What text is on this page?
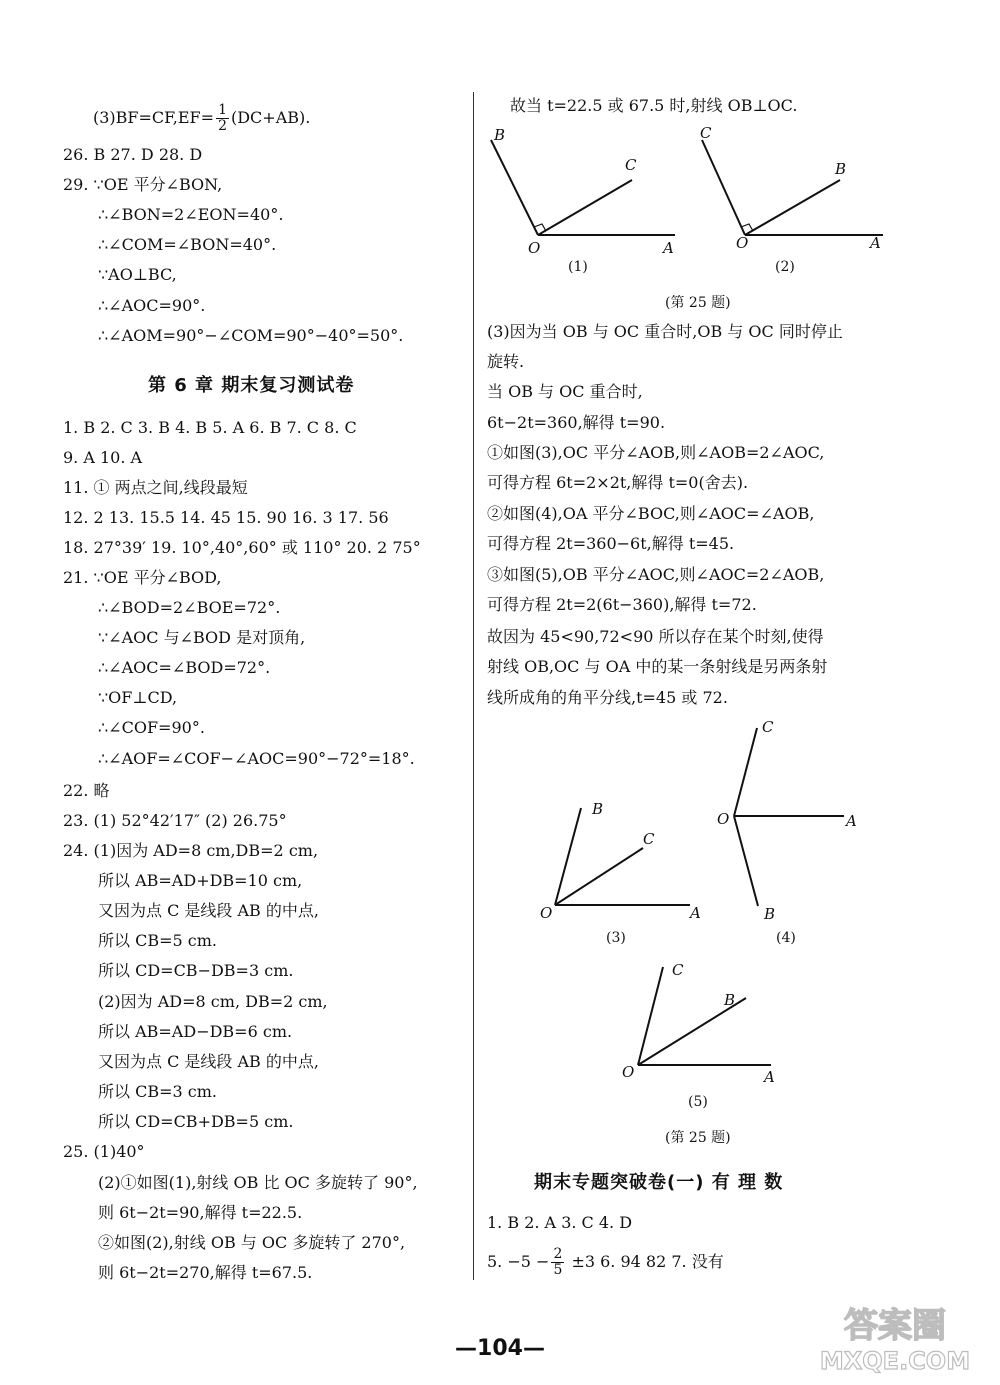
$(3)BF=CF,EF= \frac{1}{2} (DC+AB)$.
26. B 27. D 28. D
29. ∵OE 平分∠BON,
∴∠BON=2∠EON=40°.
∴∠COM=∠BON=40°.
∵AO⊥BC,
∴∠AOC=90°.
∴∠AOM=90°−∠COM=90°−40°=50°.
第 6 章 期末复习测试卷
1. B 2. C 3. B 4. B 5. A 6. B 7. C 8. C
9. A 10. A
11. ① 两点之间,线段最短
12. 2 13. 15.5 14. 45 15. 90 16. 3 17. 56
18. 27°39′ 19. 10°,40°,60° 或 110° 20. 2 75°
21. ∵OE 平分∠BOD,
∴∠BOD=2∠BOE=72°.
∵∠AOC 与∠BOD 是对顶角,
∴∠AOC=∠BOD=72°.
∵OF⊥CD,
∴∠COF=90°.
∴∠AOF=∠COF−∠AOC=90°−72°=18°.
22. 略
23. (1) 52°42′17″ (2) 26.75°
24. (1)因为 AD=8 cm,DB=2 cm,
所以 AB=AD+DB=10 cm,
又因为点 C 是线段 AB 的中点,
所以 CB=5 cm.
所以 CD=CB−DB=3 cm.
(2)因为 AD=8 cm, DB=2 cm,
所以 AB=AD−DB=6 cm.
又因为点 C 是线段 AB 的中点,
所以 CB=3 cm.
所以 CD=CB+DB=5 cm.
25. (1)40°
(2)①如图(1),射线 OB 比 OC 多旋转了 90°,
则 6t−2t=90,解得 t=22.5.
②如图(2),射线 OB 与 OC 多旋转了 270°,
则 6t−2t=270,解得 t=67.5.
故当 t=22.5 或 67.5 时,射线 OB⊥OC.
B
C
O	A
(1)
C
B
O	A
(2)
(第 25 题)
(3)因为当 OB 与 OC 重合时,OB 与 OC 同时停止
旋转.
当 OB 与 OC 重合时,
6t−2t=360,解得 t=90.
①如图(3),OC 平分∠AOB,则∠AOB=2∠AOC,
可得方程 6t=2×2t,解得 t=0(舍去).
②如图(4),OA 平分∠BOC,则∠AOC=∠AOB,
可得方程 2t=360−6t,解得 t=45.
③如图(5),OB 平分∠AOC,则∠AOC=2∠AOB,
可得方程 2t=2(6t−360),解得 t=72.
故因为 45<90,72<90 所以存在某个时刻,使得
射线 OB,OC 与 OA 中的某一条射线是另两条射
线所成角的角平分线,t=45 或 72.
B
C
O	A
(3)
C
O	A
B
(4)
C
B
O	A
(5)
(第 25 题)
期末专题突破卷(一) 有 理 数
1. B 2. A 3. C 4. D
5. $-5 - \frac{2}{5} \pm 3$ 6. 94 82 7. 没有
—104—
答案圈
MXQE.COM
